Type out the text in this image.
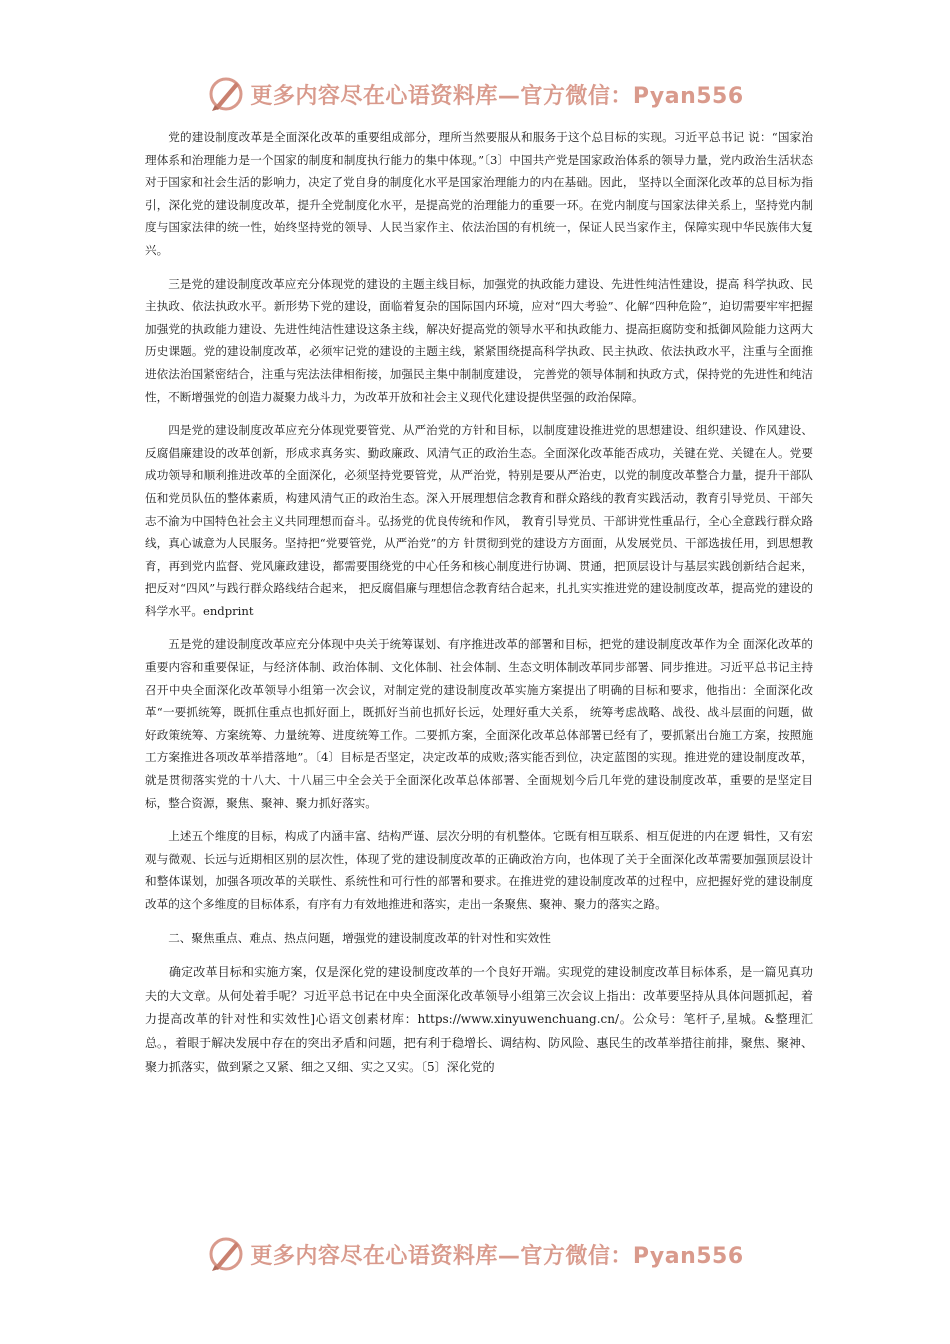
更多内容尽在心语资料库—官方微信：Pyan556

党的建设制度改革是全面深化改革的重要组成部分，理所当然要服从和服务于这个总目标的实现。习近平总书记 说：“国家治理体系和治理能力是一个国家的制度和制度执行能力的集中体现。”〔3〕中国共产党是国家政治体系的领导力量，党内政治生活状态对于国家和社会生活的影响力，决定了党自身的制度化水平是国家治理能力的内在基础。因此， 坚持以全面深化改革的总目标为指引，深化党的建设制度改革，提升全党制度化水平，是提高党的治理能力的重要一环。在党内制度与国家法律关系上，坚持党内制度与国家法律的统一性，始终坚持党的领导、人民当家作主、依法治国的有机统一，保证人民当家作主，保障实现中华民族伟大复兴。

三是党的建设制度改革应充分体现党的建设的主题主线目标，加强党的执政能力建设、先进性纯洁性建设，提高 科学执政、民主执政、依法执政水平。新形势下党的建设，面临着复杂的国际国内环境，应对“四大考验”、化解“四种危险”，迫切需要牢牢把握加强党的执政能力建设、先进性纯洁性建设这条主线，解决好提高党的领导水平和执政能力、提高拒腐防变和抵御风险能力这两大历史课题。党的建设制度改革，必须牢记党的建设的主题主线，紧紧围绕提高科学执政、民主执政、依法执政水平，注重与全面推进依法治国紧密结合，注重与宪法法律相衔接，加强民主集中制制度建设， 完善党的领导体制和执政方式，保持党的先进性和纯洁性，不断增强党的创造力凝聚力战斗力，为改革开放和社会主义现代化建设提供坚强的政治保障。

四是党的建设制度改革应充分体现党要管党、从严治党的方针和目标，以制度建设推进党的思想建设、组织建设、作风建设、反腐倡廉建设的改革创新，形成求真务实、勤政廉政、风清气正的政治生态。全面深化改革能否成功，关键在党、关键在人。党要成功领导和顺利推进改革的全面深化，必须坚持党要管党，从严治党，特别是要从严治吏，以党的制度改革整合力量，提升干部队伍和党员队伍的整体素质，构建风清气正的政治生态。深入开展理想信念教育和群众路线的教育实践活动，教育引导党员、干部矢志不渝为中国特色社会主义共同理想而奋斗。弘扬党的优良传统和作风， 教育引导党员、干部讲党性重品行，全心全意践行群众路线，真心诚意为人民服务。坚持把“党要管党，从严治党”的方 针贯彻到党的建设方方面面，从发展党员、干部选拔任用，到思想教育，再到党内监督、党风廉政建设，都需要围绕党的中心任务和核心制度进行协调、贯通，把顶层设计与基层实践创新结合起来，把反对“四风”与践行群众路线结合起来， 把反腐倡廉与理想信念教育结合起来，扎扎实实推进党的建设制度改革，提高党的建设的科学水平。endprint

五是党的建设制度改革应充分体现中央关于统筹谋划、有序推进改革的部署和目标，把党的建设制度改革作为全 面深化改革的重要内容和重要保证，与经济体制、政治体制、文化体制、社会体制、生态文明体制改革同步部署、同步推进。习近平总书记主持召开中央全面深化改革领导小组第一次会议，对制定党的建设制度改革实施方案提出了明确的目标和要求，他指出：全面深化改革“一要抓统筹，既抓住重点也抓好面上，既抓好当前也抓好长远，处理好重大关系， 统筹考虑战略、战役、战斗层面的问题，做好政策统筹、方案统筹、力量统筹、进度统筹工作。二要抓方案，全面深化改革总体部署已经有了，要抓紧出台施工方案，按照施工方案推进各项改革举措落地”。〔4〕目标是否坚定，决定改革的成败;落实能否到位，决定蓝图的实现。推进党的建设制度改革，就是贯彻落实党的十八大、十八届三中全会关于全面深化改革总体部署、全面规划今后几年党的建设制度改革，重要的是坚定目标，整合资源，聚焦、聚神、聚力抓好落实。

上述五个维度的目标，构成了内涵丰富、结构严谨、层次分明的有机整体。它既有相互联系、相互促进的内在逻 辑性，又有宏观与微观、长远与近期相区别的层次性，体现了党的建设制度改革的正确政治方向，也体现了关于全面深化改革需要加强顶层设计和整体谋划，加强各项改革的关联性、系统性和可行性的部署和要求。在推进党的建设制度改革的过程中，应把握好党的建设制度改革的这个多维度的目标体系，有序有力有效地推进和落实，走出一条聚焦、聚神、聚力的落实之路。

二、聚焦重点、难点、热点问题，增强党的建设制度改革的针对性和实效性

确定改革目标和实施方案，仅是深化党的建设制度改革的一个良好开端。实现党的建设制度改革目标体系，是一篇见真功夫的大文章。从何处着手呢？习近平总书记在中央全面深化改革领导小组第三次会议上指出：改革要坚持从具体问题抓起，着力提高改革的针对性和实效性]心语文创素材库：https://www.xinyuwenchuang.cn/。公众号：笔杆子,星城。&整理汇总。，着眼于解决发展中存在的突出矛盾和问题，把有利于稳增长、调结构、防风险、惠民生的改革举措往前排，聚焦、聚神、聚力抓落实，做到紧之又紧、细之又细、实之又实。〔5〕深化党的

更多内容尽在心语资料库—官方微信：Pyan556
